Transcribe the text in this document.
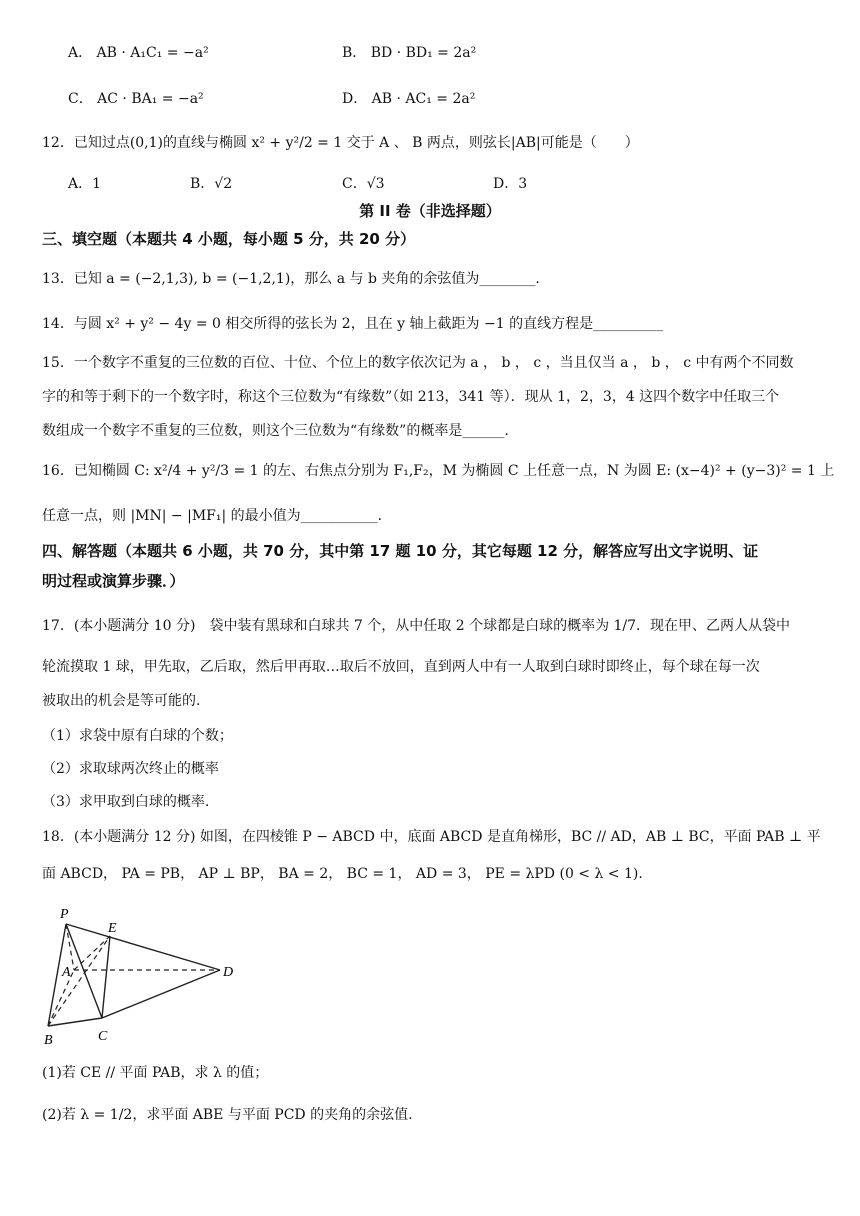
A． AB · A₁C₁ = −a²	B． BD · BD₁ = 2a²
C． AC · BA₁ = −a²	D． AB · AC₁ = 2a²
12．已知过点(0,1)的直线与椭圆 x² + y²/2 = 1 交于 A 、 B 两点，则弦长|AB|可能是（　　）
A．1	B．√2	C．√3	D．3
第 II 卷（非选择题）
三、填空题（本题共 4 小题，每小题 5 分，共 20 分）
13．已知 a = (−2,1,3), b = (−1,2,1)，那么 a 与 b 夹角的余弦值为________.
14．与圆 x² + y² − 4y = 0 相交所得的弦长为 2，且在 y 轴上截距为 −1 的直线方程是__________
15．一个数字不重复的三位数的百位、十位、个位上的数字依次记为 a ， b ， c ，当且仅当 a ， b ， c 中有两个不同数
字的和等于剩下的一个数字时，称这个三位数为“有缘数”（如 213，341 等）．现从 1，2，3，4 这四个数字中任取三个
数组成一个数字不重复的三位数，则这个三位数为“有缘数”的概率是______.
16．已知椭圆 C: x²/4 + y²/3 = 1 的左、右焦点分别为 F₁,F₂，M 为椭圆 C 上任意一点，N 为圆 E: (x−4)² + (y−3)² = 1 上
任意一点，则 |MN| − |MF₁| 的最小值为___________.
四、解答题（本题共 6 小题，共 70 分，其中第 17 题 10 分，其它每题 12 分，解答应写出文字说明、证
明过程或演算步骤．）
17．(本小题满分 10 分)　袋中装有黑球和白球共 7 个，从中任取 2 个球都是白球的概率为 1/7．现在甲、乙两人从袋中
轮流摸取 1 球，甲先取，乙后取，然后甲再取…取后不放回，直到两人中有一人取到白球时即终止，每个球在每一次
被取出的机会是等可能的.
（1）求袋中原有白球的个数；
（2）求取球两次终止的概率
（3）求甲取到白球的概率.
18．(本小题满分 12 分) 如图，在四棱锥 P − ABCD 中，底面 ABCD 是直角梯形，BC // AD，AB ⊥ BC，平面 PAB ⊥ 平
面 ABCD， PA = PB， AP ⊥ BP， BA = 2， BC = 1， AD = 3， PE = λPD (0 < λ < 1).
P
E
A	D
B	C
(1)若 CE // 平面 PAB，求 λ 的值；
(2)若 λ = 1/2，求平面 ABE 与平面 PCD 的夹角的余弦值.
